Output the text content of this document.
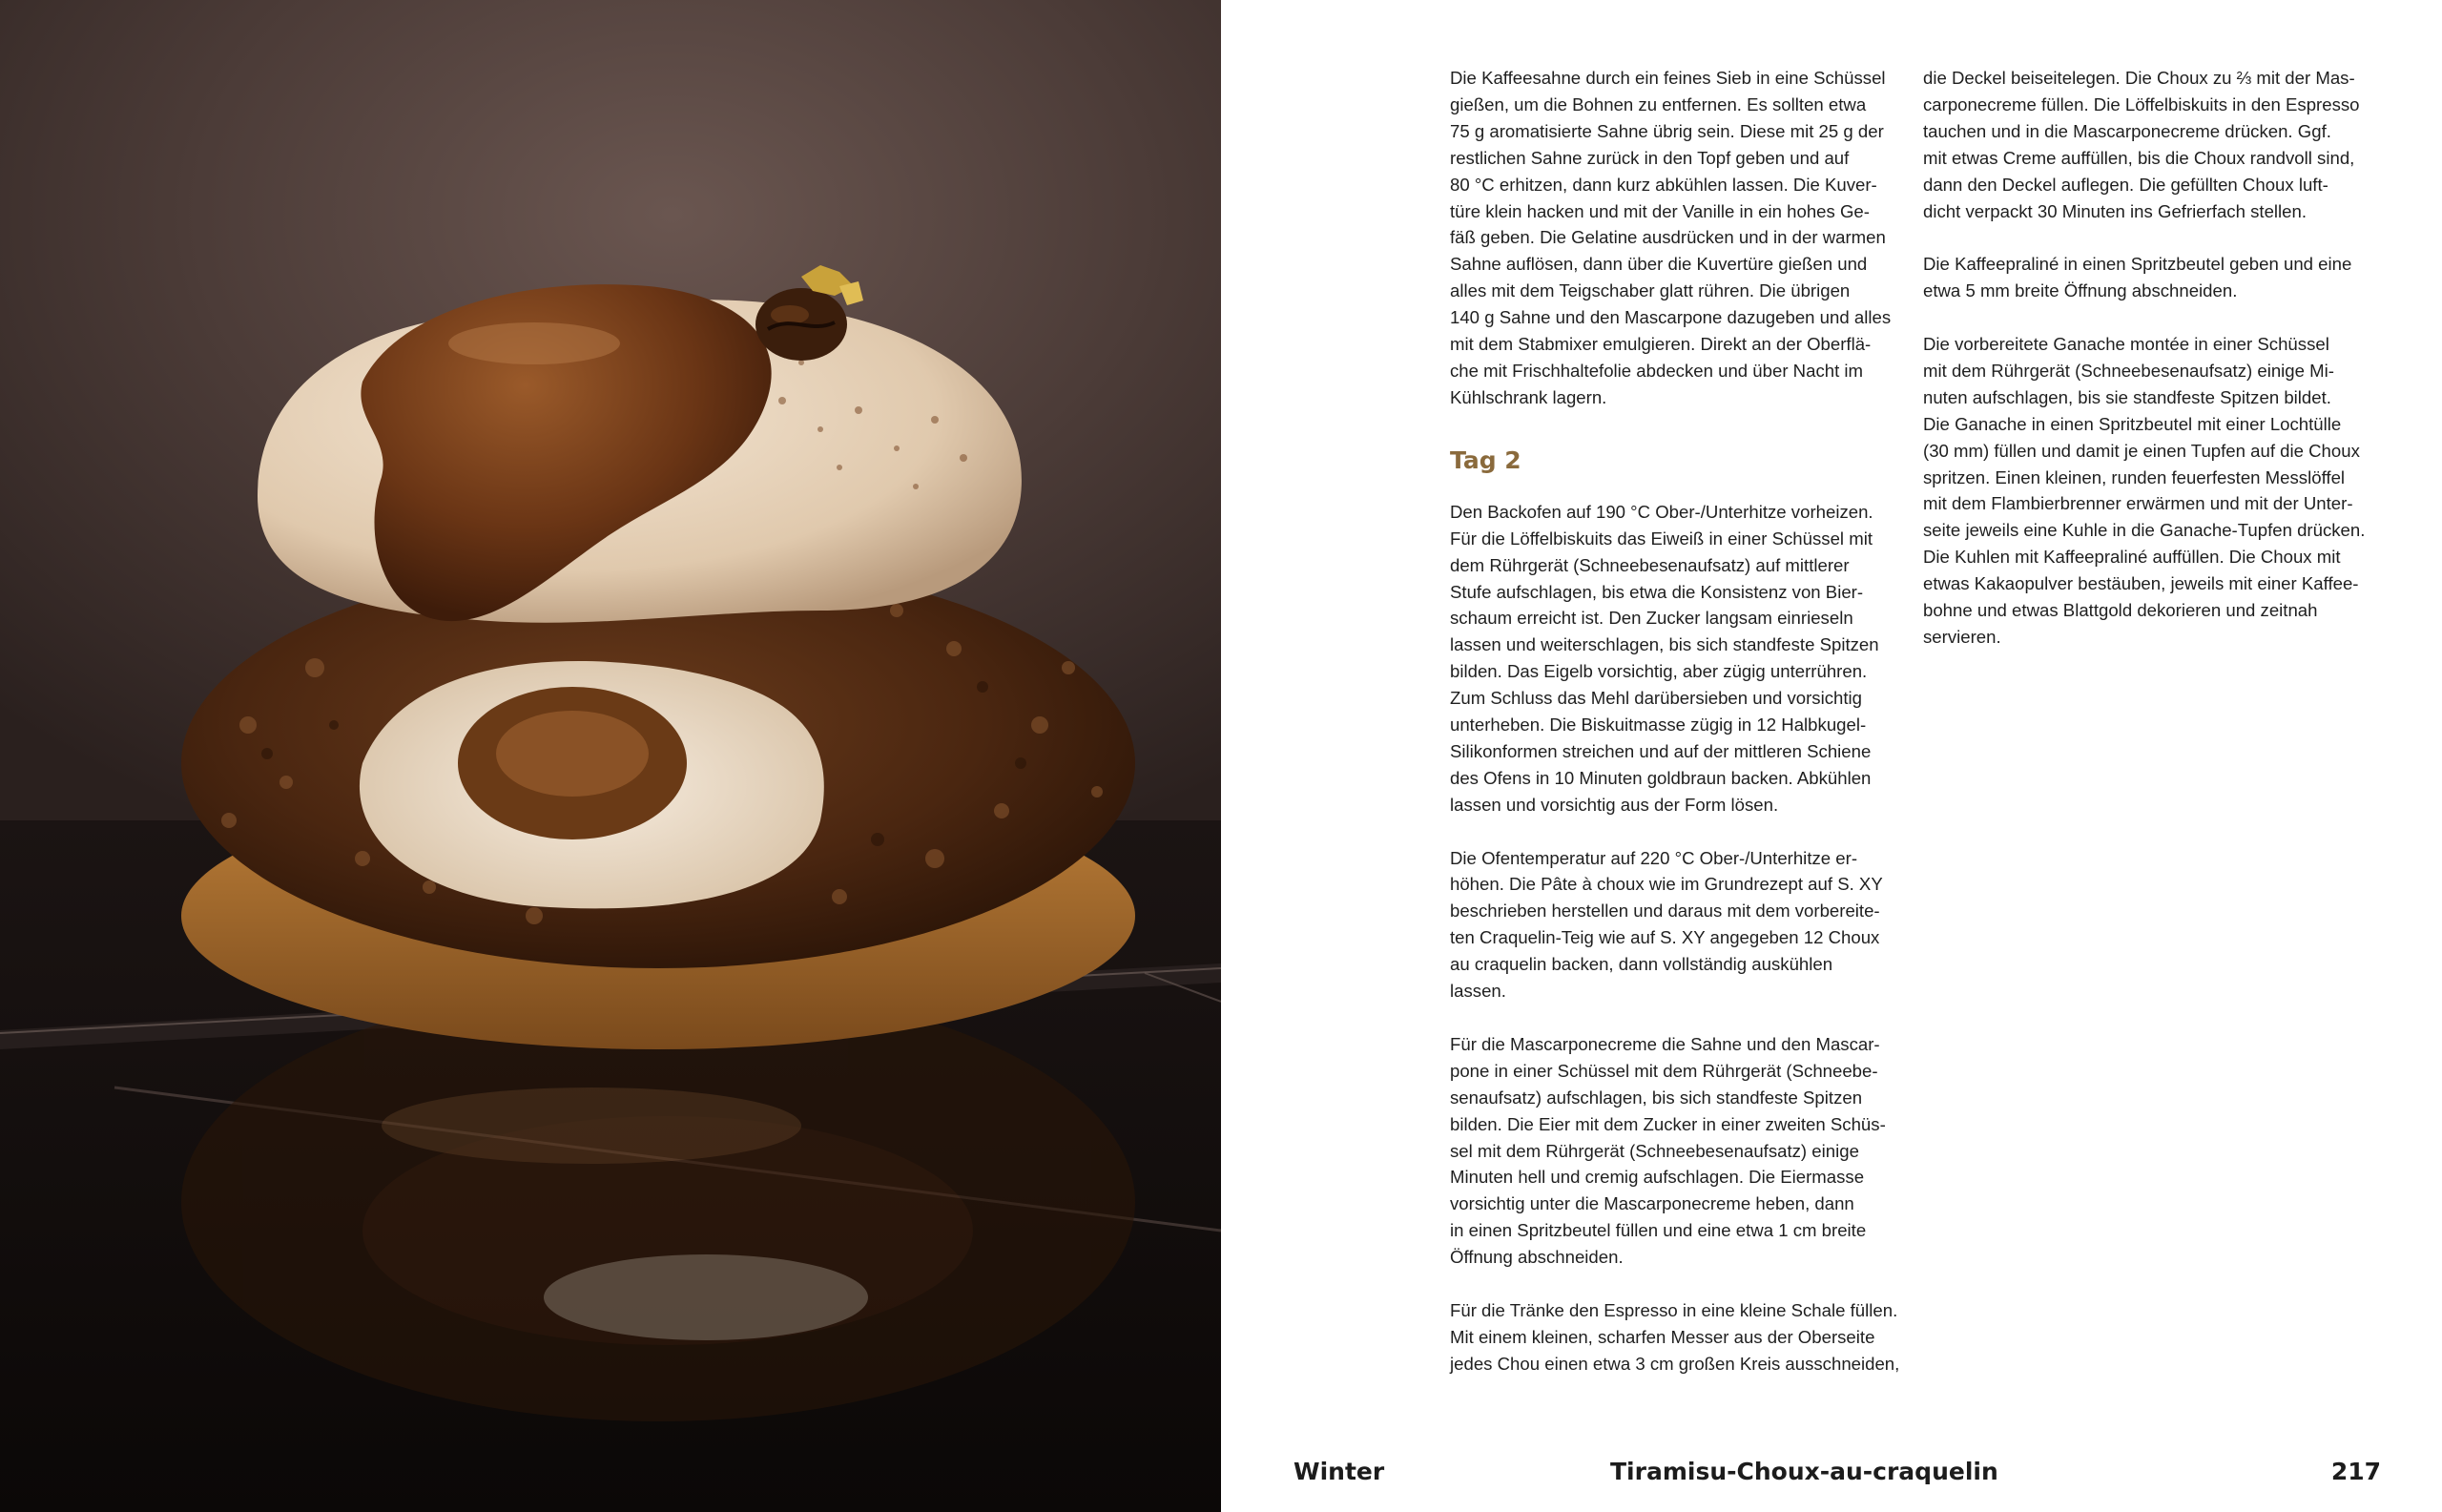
Die Kaffeesahne durch ein feines Sieb in eine Schüssel
gießen, um die Bohnen zu entfernen. Es sollten etwa
75 g aromatisierte Sahne übrig sein. Diese mit 25 g der
restlichen Sahne zurück in den Topf geben und auf
80 °C erhitzen, dann kurz abkühlen lassen. Die Kuver-
türe klein hacken und mit der Vanille in ein hohes Ge-
fäß geben. Die Gelatine ausdrücken und in der warmen
Sahne auflösen, dann über die Kuvertüre gießen und
alles mit dem Teigschaber glatt rühren. Die übrigen
140 g Sahne und den Mascarpone dazugeben und alles
mit dem Stabmixer emulgieren. Direkt an der Oberflä-
che mit Frischhaltefolie abdecken und über Nacht im
Kühlschrank lagern.

Tag 2

Den Backofen auf 190 °C Ober-/Unterhitze vorheizen.
Für die Löffelbiskuits das Eiweiß in einer Schüssel mit
dem Rührgerät (Schneebesenaufsatz) auf mittlerer
Stufe aufschlagen, bis etwa die Konsistenz von Bier-
schaum erreicht ist. Den Zucker langsam einrieseln
lassen und weiterschlagen, bis sich standfeste Spitzen
bilden. Das Eigelb vorsichtig, aber zügig unterrühren.
Zum Schluss das Mehl darübersieben und vorsichtig
unterheben. Die Biskuitmasse zügig in 12 Halbkugel-
Silikonformen streichen und auf der mittleren Schiene
des Ofens in 10 Minuten goldbraun backen. Abkühlen
lassen und vorsichtig aus der Form lösen.

Die Ofentemperatur auf 220 °C Ober-/Unterhitze er-
höhen. Die Pâte à choux wie im Grundrezept auf S. XY
beschrieben herstellen und daraus mit dem vorbereite-
ten Craquelin-Teig wie auf S. XY angegeben 12 Choux
au craquelin backen, dann vollständig auskühlen
lassen.

Für die Mascarponecreme die Sahne und den Mascar-
pone in einer Schüssel mit dem Rührgerät (Schneebe-
senaufsatz) aufschlagen, bis sich standfeste Spitzen
bilden. Die Eier mit dem Zucker in einer zweiten Schüs-
sel mit dem Rührgerät (Schneebesenaufsatz) einige
Minuten hell und cremig aufschlagen. Die Eiermasse
vorsichtig unter die Mascarponecreme heben, dann
in einen Spritzbeutel füllen und eine etwa 1 cm breite
Öffnung abschneiden.

Für die Tränke den Espresso in eine kleine Schale füllen.
Mit einem kleinen, scharfen Messer aus der Oberseite
jedes Chou einen etwa 3 cm großen Kreis ausschneiden,

die Deckel beiseitelegen. Die Choux zu ⅔ mit der Mas-
carponecreme füllen. Die Löffelbiskuits in den Espresso
tauchen und in die Mascarponecreme drücken. Ggf.
mit etwas Creme auffüllen, bis die Choux randvoll sind,
dann den Deckel auflegen. Die gefüllten Choux luft-
dicht verpackt 30 Minuten ins Gefrierfach stellen.

Die Kaffeepraliné in einen Spritzbeutel geben und eine
etwa 5 mm breite Öffnung abschneiden.

Die vorbereitete Ganache montée in einer Schüssel
mit dem Rührgerät (Schneebesenaufsatz) einige Mi-
nuten aufschlagen, bis sie standfeste Spitzen bildet.
Die Ganache in einen Spritzbeutel mit einer Lochtülle
(30 mm) füllen und damit je einen Tupfen auf die Choux
spritzen. Einen kleinen, runden feuerfesten Messlöffel
mit dem Flambierbrenner erwärmen und mit der Unter-
seite jeweils eine Kuhle in die Ganache-Tupfen drücken.
Die Kuhlen mit Kaffeepraliné auffüllen. Die Choux mit
etwas Kakaopulver bestäuben, jeweils mit einer Kaffee-
bohne und etwas Blattgold dekorieren und zeitnah
servieren.

Winter	Tiramisu-Choux-au-craquelin	217
